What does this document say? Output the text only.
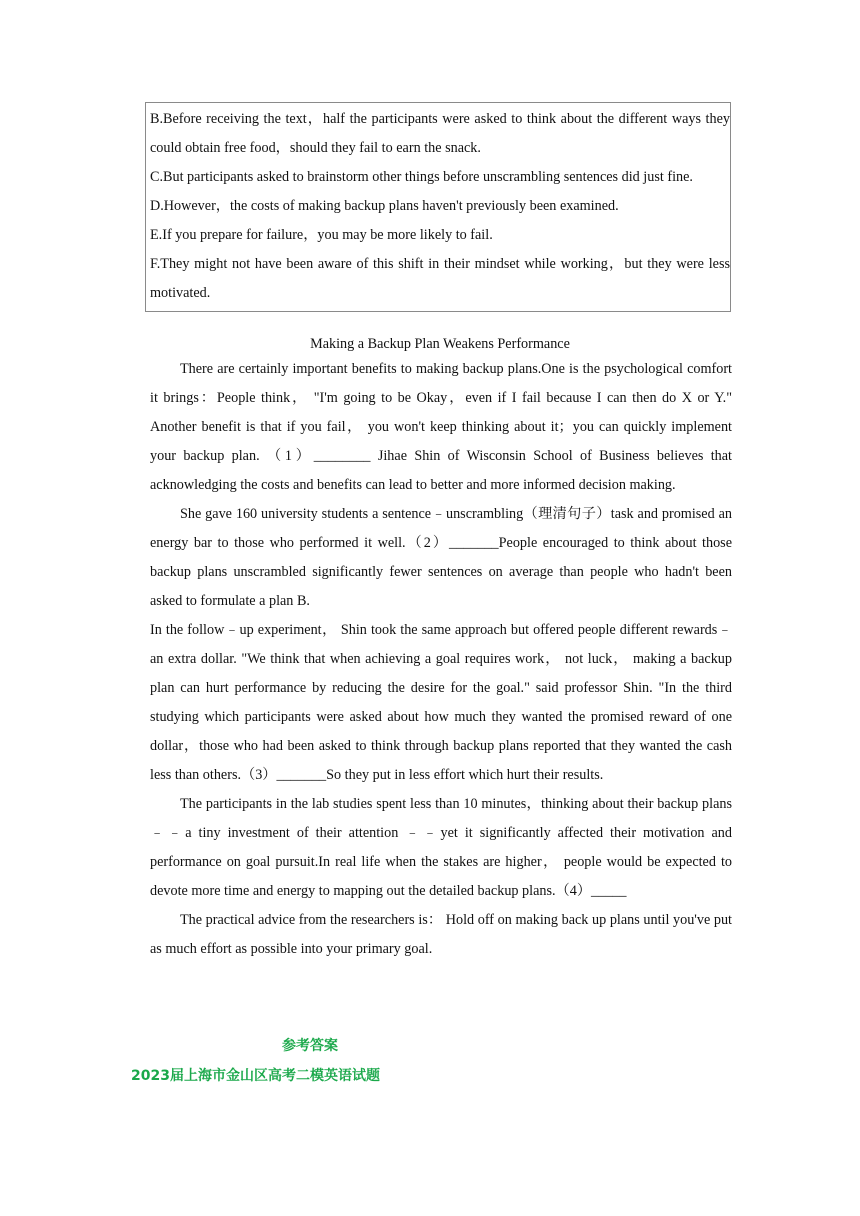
B.Before receiving the text，half the participants were asked to think about the different ways they could obtain free food，should they fail to earn the snack.
C.But participants asked to brainstorm other things before unscrambling sentences did just fine.
D.However，the costs of making backup plans haven't previously been examined.
E.If you prepare for failure，you may be more likely to fail.
F.They might not have been aware of this shift in their mindset while working，but they were less motivated.
Making a Backup Plan Weakens Performance

There are certainly important benefits to making backup plans.One is the psychological comfort it brings：People think， "I'm going to be Okay，even if I fail because I can then do X or Y." Another benefit is that if you fail， you won't keep thinking about it；you can quickly implement your backup plan. （1）________ Jihae Shin of Wisconsin School of Business believes that acknowledging the costs and benefits can lead to better and more informed decision making.

She gave 160 university students a sentence﹣unscrambling（理清句子）task and promised an energy bar to those who performed it well.（2）_______People encouraged to think about those backup plans unscrambled significantly fewer sentences on average than people who hadn't been asked to formulate a plan B.

In the follow﹣up experiment， Shin took the same approach but offered people different rewards﹣an extra dollar. "We think that when achieving a goal requires work， not luck， making a backup plan can hurt performance by reducing the desire for the goal." said professor Shin. "In the third studying which participants were asked about how much they wanted the promised reward of one dollar，those who had been asked to think through backup plans reported that they wanted the cash less than others.（3）_______So they put in less effort which hurt their results.

The participants in the lab studies spent less than 10 minutes，thinking about their backup plans﹣﹣a tiny investment of their attention ﹣﹣yet it significantly affected their motivation and performance on goal pursuit.In real life when the stakes are higher， people would be expected to devote more time and energy to mapping out the detailed backup plans.（4）_____

The practical advice from the researchers is： Hold off on making back up plans until you've put as much effort as possible into your primary goal.

参考答案
2023届上海市金山区高考二模英语试题
